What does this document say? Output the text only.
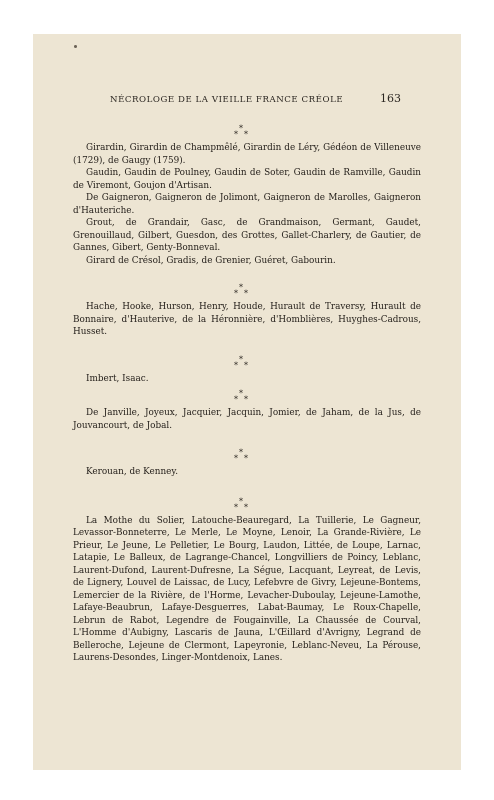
NÉCROLOGE DE LA VIEILLE FRANCE CRÉOLE	163
*
* *

Girardin, Girardin de Champmêlé, Girardin de Léry, Gédéon de Villeneuve (1729), de Gaugy (1759).

Gaudin, Gaudin de Poulney, Gaudin de Soter, Gaudin de Ramville, Gaudin de Viremont, Goujon d'Artisan.

De Gaigneron, Gaigneron de Jolimont, Gaigneron de Marolles, Gaigneron d'Hauteriche.

Grout, de Grandair, Gasc, de Grandmaison, Germant, Gaudet, Grenouillaud, Gilbert, Guesdon, des Grottes, Gallet-Charlery, de Gautier, de Gannes, Gibert, Genty-Bonneval.

Girard de Crésol, Gradis, de Grenier, Guéret, Gabourin.

*
* *

Hache, Hooke, Hurson, Henry, Houde, Hurault de Traversy, Hurault de Bonnaire, d'Hauterive, de la Héronnière, d'Homblières, Huyghes-Cadrous, Husset.

*
* *

Imbert, Isaac.

*
* *

De Janville, Joyeux, Jacquier, Jacquin, Jomier, de Jaham, de la Jus, de Jouvancourt, de Jobal.

*
* *

Kerouan, de Kenney.

*
* *

La Mothe du Solier, Latouche-Beauregard, La Tuillerie, Le Gagneur, Levassor-Bonneterre, Le Merle, Le Moyne, Lenoir, La Grande-Rivière, Le Prieur, Le Jeune, Le Pelletier, Le Bourg, Laudon, Littée, de Loupe, Larnac, Latapie, Le Balleux, de Lagrange-Chancel, Longvilliers de Poincy, Leblanc, Laurent-Dufond, Laurent-Dufresne, La Ségue, Lacquant, Leyreat, de Levis, de Lignery, Louvel de Laissac, de Lucy, Lefebvre de Givry, Lejeune-Bontems, Lemercier de la Rivière, de l'Horme, Levacher-Duboulay, Lejeune-Lamothe, Lafaye-Beaubrun, Lafaye-Desguerres, Labat-Baumay, Le Roux-Chapelle, Lebrun de Rabot, Legendre de Fougainville, La Chaussée de Courval, L'Homme d'Aubigny, Lascaris de Jauna, L'Œillard d'Avrigny, Legrand de Belleroche, Lejeune de Clermont, Lapeyronie, Leblanc-Neveu, La Pérouse, Laurens-Desondes, Linger-Montdenoix, Lanes.
